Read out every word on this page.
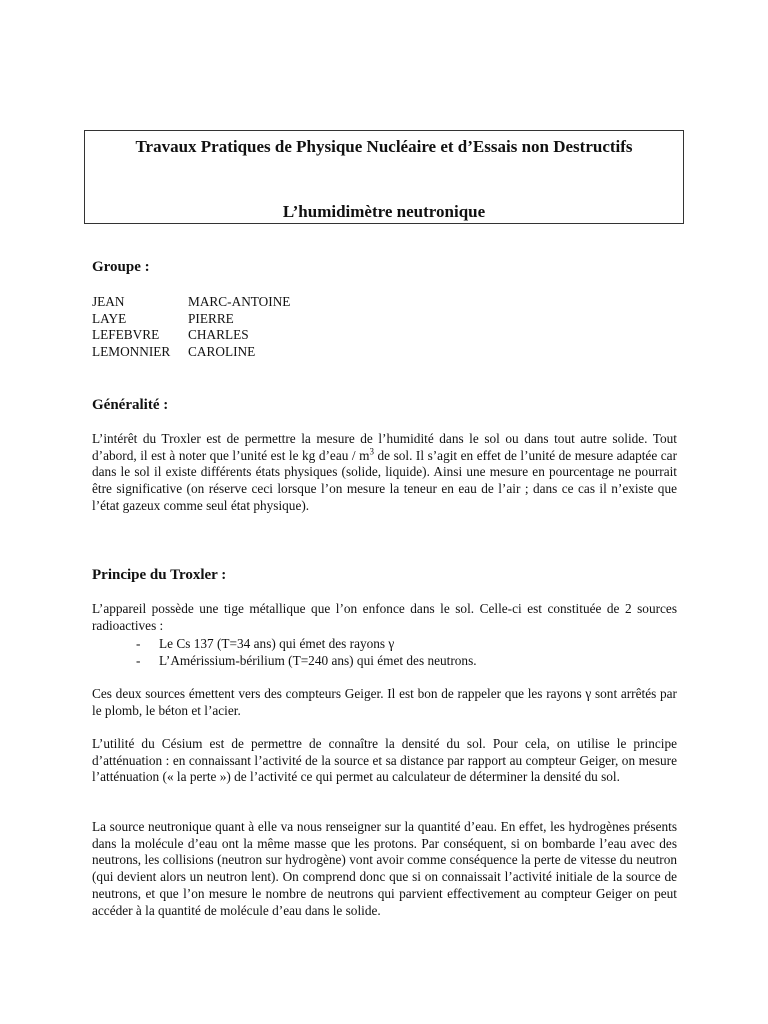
Travaux Pratiques de Physique Nucléaire et d’Essais non Destructifs
L’humidimètre neutronique
Groupe :
JEAN	MARC-ANTOINE
LAYE	PIERRE
LEFEBVRE CHARLES
LEMONNIER CAROLINE
Généralité :

L’intérêt du Troxler est de permettre la mesure de l’humidité dans le sol ou dans tout autre solide. Tout d’abord, il est à noter que l’unité est le kg d’eau / $m^3$ de sol. Il s’agit en effet de l’unité de mesure adaptée car dans le sol il existe différents états physiques (solide, liquide). Ainsi une mesure en pourcentage ne pourrait être significative (on réserve ceci lorsque l’on mesure la teneur en eau de l’air ; dans ce cas il n’existe que l’état gazeux comme seul état physique).

Principe du Troxler :

L’appareil possède une tige métallique que l’on enfonce dans le sol. Celle-ci est constituée de 2 sources radioactives :

- Le Cs 137 (T=34 ans) qui émet des rayons γ
- L’Amérissium-bérilium (T=240 ans) qui émet des neutrons.

Ces deux sources émettent vers des compteurs Geiger. Il est bon de rappeler que les rayons γ sont arrêtés par le plomb, le béton et l’acier.

L’utilité du Césium est de permettre de connaître la densité du sol. Pour cela, on utilise le principe d’atténuation : en connaissant l’activité de la source et sa distance par rapport au compteur Geiger, on mesure l’atténuation (« la perte ») de l’activité ce qui permet au calculateur de déterminer la densité du sol.

La source neutronique quant à elle va nous renseigner sur la quantité d’eau. En effet, les hydrogènes présents dans la molécule d’eau ont la même masse que les protons. Par conséquent, si on bombarde l’eau avec des neutrons, les collisions (neutron sur hydrogène) vont avoir comme conséquence la perte de vitesse du neutron (qui devient alors un neutron lent). On comprend donc que si on connaissait l’activité initiale de la source de neutrons, et que l’on mesure le nombre de neutrons qui parvient effectivement au compteur Geiger on peut accéder à la quantité de molécule d’eau dans le solide.
